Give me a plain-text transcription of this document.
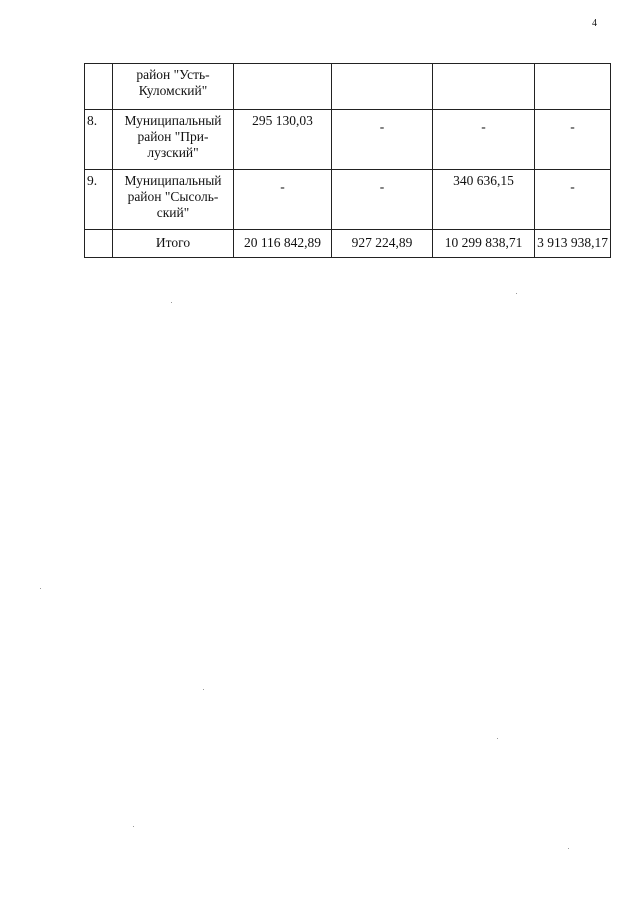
4

	район "Усть-
Куломский"				

8.	Муниципальный
район "При-
лузский"	295 130,03	-	-	-
9.	Муниципальный
район "Сысоль-
ский"	-	-	340 636,15	-
	Итого	20 116 842,89	927 224,89	10 299 838,71	3 913 938,17
